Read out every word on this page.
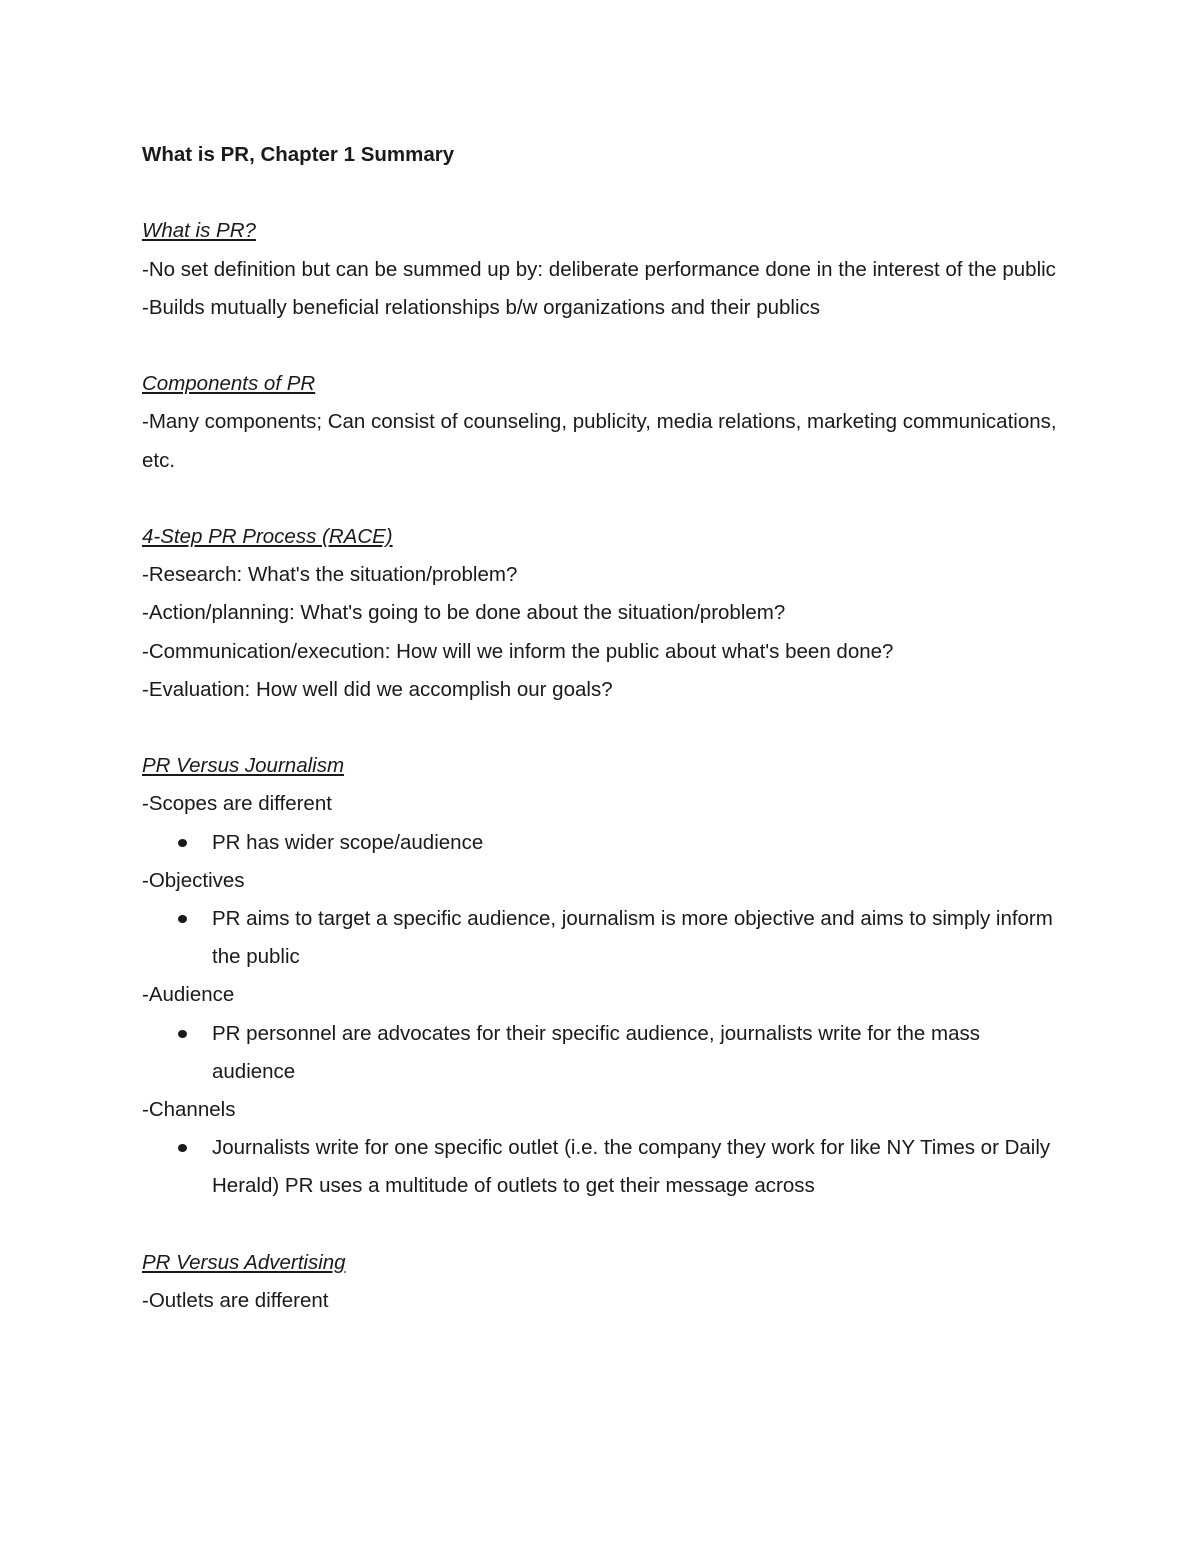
What is PR, Chapter 1 Summary

What is PR?

-No set definition but can be summed up by: deliberate performance done in the interest of the public

-Builds mutually beneficial relationships b/w organizations and their publics

Components of PR

-Many components; Can consist of counseling, publicity, media relations, marketing communications, etc.

4-Step PR Process (RACE)

-Research: What's the situation/problem?

-Action/planning: What's going to be done about the situation/problem?

-Communication/execution: How will we inform the public about what's been done?

-Evaluation: How well did we accomplish our goals?

PR Versus Journalism

-Scopes are different

PR has wider scope/audience

-Objectives

PR aims to target a specific audience, journalism is more objective and aims to simply inform the public

-Audience

PR personnel are advocates for their specific audience, journalists write for the mass audience

-Channels

Journalists write for one specific outlet (i.e. the company they work for like NY Times or Daily Herald) PR uses a multitude of outlets to get their message across

PR Versus Advertising

-Outlets are different
